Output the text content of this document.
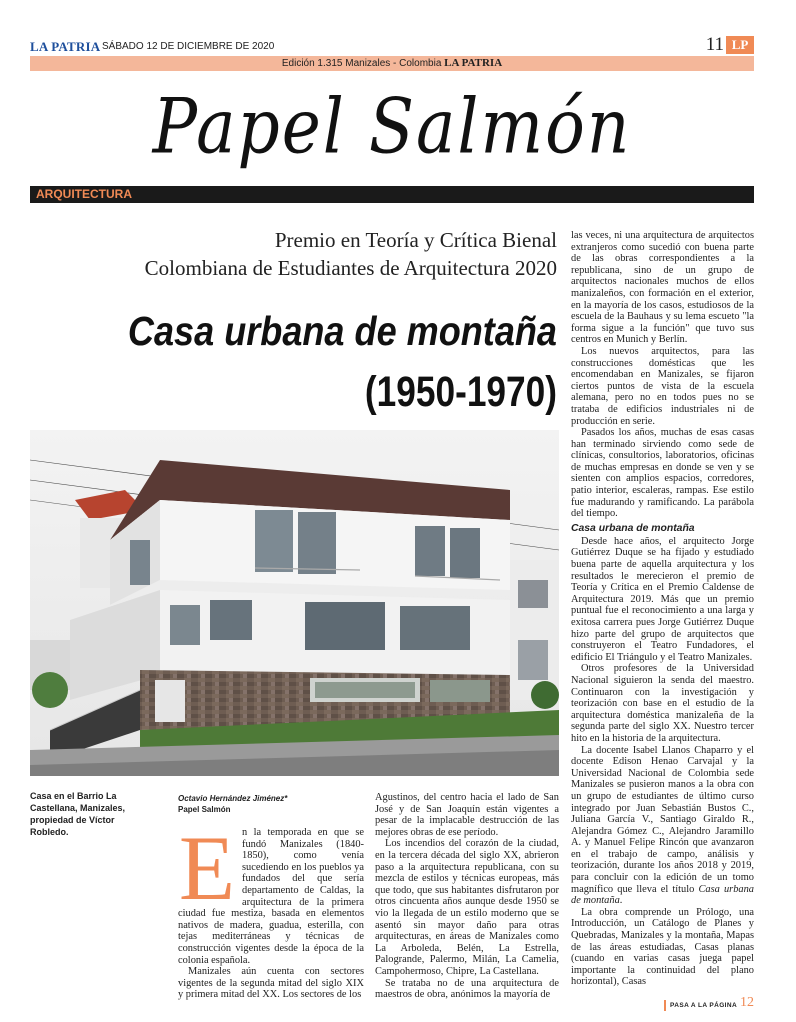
LA PATRIA SÁBADO 12 DE DICIEMBRE DE 2020	11 LP
Edición 1.315 Manizales - Colombia LA PATRIA
Papel Salmón
ARQUITECTURA
Premio en Teoría y Crítica Bienal
Colombiana de Estudiantes de Arquitectura 2020
Casa urbana de montaña
(1950-1970)
Casa en el Barrio La Castellana, Manizales, propiedad de Víctor Robledo.
Octavio Hernández Jiménez*
Papel Salmón
E n la temporada en que se fundó Manizales (1840-1850), como venía sucediendo en los pueblos ya fundados del que sería departamento de Caldas, la arquitectura de la primera ciudad fue mestiza, basada en elementos nativos de madera, guadua, esterilla, con tejas mediterráneas y técnicas de construcción vigentes desde la época de la colonia española.

Manizales aún cuenta con sectores vigentes de la segunda mitad del siglo XIX y primera mitad del XX. Los sectores de los

Agustinos, del centro hacia el lado de San José y de San Joaquín están vigentes a pesar de la implacable destrucción de las mejores obras de ese período.

Los incendios del corazón de la ciudad, en la tercera década del siglo XX, abrieron paso a la arquitectura republicana, con su mezcla de estilos y técnicas europeas, más que todo, que sus habitantes disfrutaron por otros cincuenta años aunque desde 1950 se vio la llegada de un estilo moderno que se asentó sin mayor daño para otras arquitecturas, en áreas de Manizales como La Arboleda, Belén, La Estrella, Palogrande, Palermo, Milán, La Camelia, Campohermoso, Chipre, La Castellana.

Se trataba no de una arquitectura de maestros de obra, anónimos la mayoría de

las veces, ni una arquitectura de arquitectos extranjeros como sucedió con buena parte de las obras correspondientes a la republicana, sino de un grupo de arquitectos nacionales muchos de ellos manizaleños, con formación en el exterior, en la mayoría de los casos, estudiosos de la escuela de la Bauhaus y su lema escueto "la forma sigue a la función" que tuvo sus centros en Munich y Berlín.

Los nuevos arquitectos, para las construcciones domésticas que les encomendaban en Manizales, se fijaron ciertos puntos de vista de la escuela alemana, pero no en todos pues no se trataba de edificios industriales ni de producción en serie.

Pasados los años, muchas de esas casas han terminado sirviendo como sede de clínicas, consultorios, laboratorios, oficinas de muchas empresas en donde se ven y se sienten con amplios espacios, corredores, patio interior, escaleras, rampas. Ese estilo fue madurando y ramificando. La parábola del tiempo.

Casa urbana de montaña

Desde hace años, el arquitecto Jorge Gutiérrez Duque se ha fijado y estudiado buena parte de aquella arquitectura y los resultados le merecieron el premio de Teoría y Crítica en el Premio Caldense de Arquitectura 2019. Más que un premio puntual fue el reconocimiento a una larga y exitosa carrera pues Jorge Gutiérrez Duque hizo parte del grupo de arquitectos que construyeron el Teatro Fundadores, el edificio El Triángulo y el Teatro Manizales.

Otros profesores de la Universidad Nacional siguieron la senda del maestro. Continuaron con la investigación y teorización con base en el estudio de la arquitectura doméstica manizaleña de la segunda parte del siglo XX. Nuestro tercer hito en la historia de la arquitectura.

La docente Isabel Llanos Chaparro y el docente Edison Henao Carvajal y la Universidad Nacional de Colombia sede Manizales se pusieron manos a la obra con un grupo de estudiantes de último curso integrado por Juan Sebastián Bustos C., Juliana García V., Santiago Giraldo R., Alejandra Gómez C., Alejandro Jaramillo A. y Manuel Felipe Rincón que avanzaron en el trabajo de campo, análisis y teorización, durante los años 2018 y 2019, para concluir con la edición de un tomo magnífico que lleva el título Casa urbana de montaña.

La obra comprende un Prólogo, una Introducción, un Catálogo de Planes y Quebradas, Manizales y la montaña, Mapas de las áreas estudiadas, Casas planas (cuando en varias casas juega papel importante la continuidad del plano horizontal), Casas

PASA A LA PÁGINA 12
